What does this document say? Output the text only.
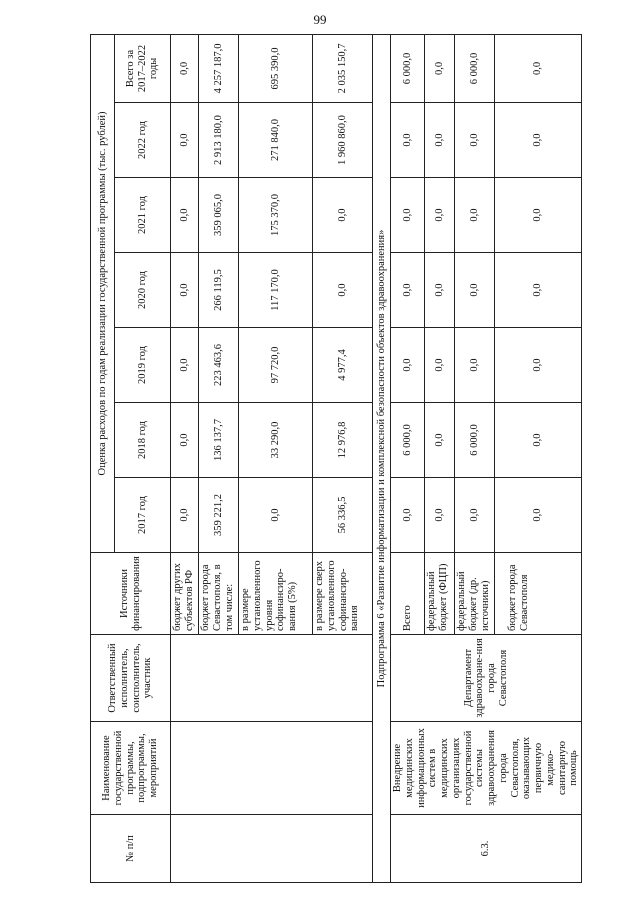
99
№ п/п	Наименование государственной программы, подпрограммы, мероприятий	Ответственный исполнитель, соисполнитель, участник	Источники финансирования	Оценка расходов по годам реализации государственной программы (тыс. рублей)						
				2017 год	2018 год	2019 год	2020 год	2021 год	2022 год	Всего за 2017–2022 годы
			бюджет других субъектов РФ	0,0	0,0	0,0	0,0	0,0	0,0	0,0
			бюджет города Севастополя, в том числе:	359 221,2	136 137,7	223 463,6	266 119,5	359 065,0	2 913 180,0	4 257 187,0
			в размере установленного уровня софинансиро-вания (5%)	0,0	33 290,0	97 720,0	117 170,0	175 370,0	271 840,0	695 390,0
			в размере сверх установленного софинансиро-вания	56 336,5	12 976,8	4 977,4	0,0	0,0	1 960 860,0	2 035 150,7
Подпрограмма 6 «Развитие информатизации и комплексной безопасности объектов здравоохранения»										
6.3.	Внедрение медицинских информационных систем в медицинских организациях государственной системы здравоохранения города Севастополя, оказывающих первичную медико-санитарную помощь	Департамент здравоохране-ния города Севастополя	Всего	0,0	6 000,0	0,0	0,0	0,0	0,0	6 000,0
			федеральный бюджет (ФЦП)	0,0	0,0	0,0	0,0	0,0	0,0	0,0
			федеральный бюджет (др. источники)	0,0	6 000,0	0,0	0,0	0,0	0,0	6 000,0
			бюджет города Севастополя	0,0	0,0	0,0	0,0	0,0	0,0	0,0
